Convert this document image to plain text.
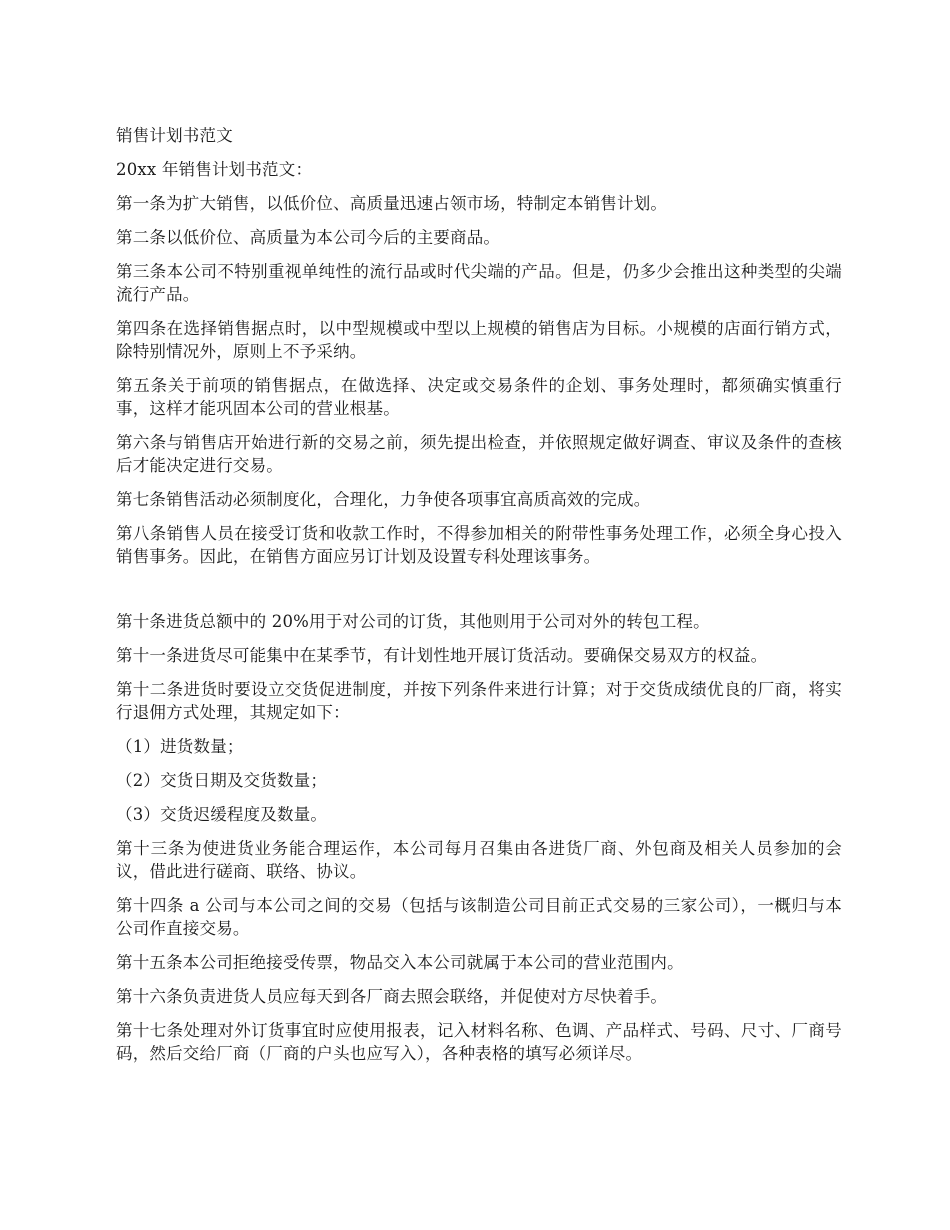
销售计划书范文

20xx 年销售计划书范文：

第一条为扩大销售，以低价位、高质量迅速占领市场，特制定本销售计划。

第二条以低价位、高质量为本公司今后的主要商品。

第三条本公司不特别重视单纯性的流行品或时代尖端的产品。但是，仍多少会推出这种类型的尖端流行产品。

第四条在选择销售据点时，以中型规模或中型以上规模的销售店为目标。小规模的店面行销方式，除特别情况外，原则上不予采纳。

第五条关于前项的销售据点，在做选择、决定或交易条件的企划、事务处理时，都须确实慎重行事，这样才能巩固本公司的营业根基。

第六条与销售店开始进行新的交易之前，须先提出检查，并依照规定做好调查、审议及条件的查核后才能决定进行交易。

第七条销售活动必须制度化，合理化，力争使各项事宜高质高效的完成。

第八条销售人员在接受订货和收款工作时，不得参加相关的附带性事务处理工作，必须全身心投入销售事务。因此，在销售方面应另订计划及设置专科处理该事务。

第十条进货总额中的 20%用于对公司的订货，其他则用于公司对外的转包工程。

第十一条进货尽可能集中在某季节，有计划性地开展订货活动。要确保交易双方的权益。

第十二条进货时要设立交货促进制度，并按下列条件来进行计算；对于交货成绩优良的厂商，将实行退佣方式处理，其规定如下：

（1）进货数量；

（2）交货日期及交货数量；

（3）交货迟缓程度及数量。

第十三条为使进货业务能合理运作，本公司每月召集由各进货厂商、外包商及相关人员参加的会议，借此进行磋商、联络、协议。

第十四条 a 公司与本公司之间的交易（包括与该制造公司目前正式交易的三家公司），一概归与本公司作直接交易。

第十五条本公司拒绝接受传票，物品交入本公司就属于本公司的营业范围内。

第十六条负责进货人员应每天到各厂商去照会联络，并促使对方尽快着手。

第十七条处理对外订货事宜时应使用报表，记入材料名称、色调、产品样式、号码、尺寸、厂商号码，然后交给厂商（厂商的户头也应写入），各种表格的填写必须详尽。
